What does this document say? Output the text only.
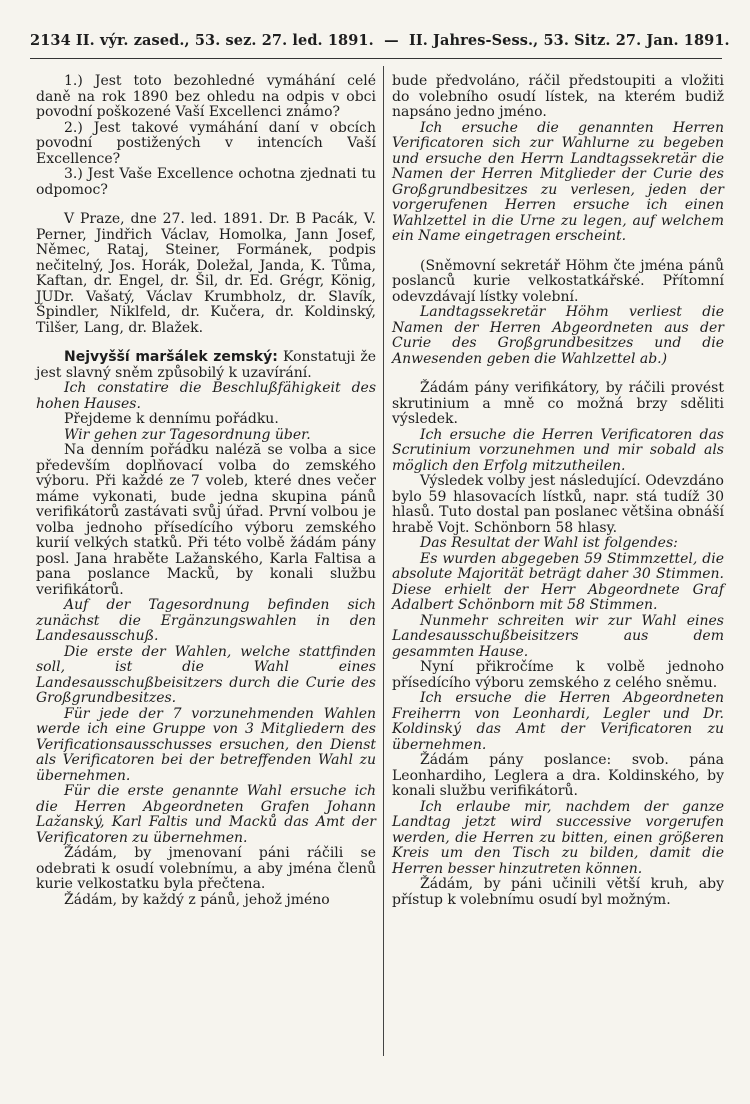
2134 II. výr. zased., 53. sez. 27. led. 1891. — II. Jahres-Sess., 53. Sitz. 27. Jan. 1891.

1.) Jest toto bezohledné vymáhání celé daně na rok 1890 bez ohledu na odpis v obci povodní poškozené Vaší Excellenci známo?

2.) Jest takové vymáhání daní v obcích povodní postižených v intencích Vaší Excellence?

3.) Jest Vaše Excellence ochotna zjednati tu odpomoc?

V Praze, dne 27. led. 1891. Dr. B Pacák, V. Perner, Jindřich Václav, Homolka, Jann Josef, Němec, Rataj, Steiner, Formánek, podpis nečitelný, Jos. Horák, Doležal, Janda, K. Tůma, Kaftan, dr. Engel, dr. Šil, dr. Ed. Grégr, König, JUDr. Vašatý, Václav Krumbholz, dr. Slavík, Špindler, Niklfeld, dr. Kučera, dr. Koldinský, Tilšer, Lang, dr. Blažek.

Nejvyšší maršálek zemský: Konstatuji že jest slavný sněm způsobilý k uzavírání.

Ich constatire die Beschlußfähigkeit des hohen Hauses.

Přejdeme k dennímu pořádku.

Wir gehen zur Tagesordnung über.

Na denním pořádku naléză se volba a sice především doplňovací volba do zemského výboru. Při každé ze 7 voleb, které dnes večer máme vykonati, bude jedna skupina pánů verifikátorů zastávati svůj úřad. První volbou je volba jednoho přísedícího výboru zemského kurií velkých statků. Při této volbě žádám pány posl. Jana hraběte Lažanského, Karla Faltisa a pana poslance Macků, by konali službu verifikátorů.

Auf der Tagesordnung befinden sich zunächst die Ergänzungswahlen in den Landesausschuß.

Die erste der Wahlen, welche stattfinden soll, ist die Wahl eines Landesausschußbeisitzers durch die Curie des Großgrundbesitzes.

Für jede der 7 vorzunehmenden Wahlen werde ich eine Gruppe von 3 Mitgliedern des Verificationsausschusses ersuchen, den Dienst als Verificatoren bei der betreffenden Wahl zu übernehmen.

Für die erste genannte Wahl ersuche ich die Herren Abgeordneten Grafen Johann Lažanský, Karl Faltis und Macků das Amt der Verificatoren zu übernehmen.

Žádám, by jmenovaní páni ráčili se odebrati k osudí volebnímu, a aby jména členů kurie velkostatku byla přečtena.

Žádám, by každý z pánů, jehož jméno

bude předvoláno, ráčil předstoupiti a vložiti do volebního osudí lístek, na kterém budiž napsáno jedno jméno.

Ich ersuche die genannten Herren Verificatoren sich zur Wahlurne zu begeben und ersuche den Herrn Landtagssekretär die Namen der Herren Mitglieder der Curie des Großgrundbesitzes zu verlesen, jeden der vorgerufenen Herren ersuche ich einen Wahlzettel in die Urne zu legen, auf welchem ein Name eingetragen erscheint.

(Sněmovní sekretář Höhm čte jména pánů poslanců kurie velkostatkářské. Přítomní odevzdávají lístky volební.

Landtagssekretär Höhm verliest die Namen der Herren Abgeordneten aus der Curie des Großgrundbesitzes und die Anwesenden geben die Wahlzettel ab.)

Žádám pány verifikátory, by ráčili provést skrutinium a mně co možná brzy sděliti výsledek.

Ich ersuche die Herren Verificatoren das Scrutinium vorzunehmen und mir sobald als möglich den Erfolg mitzutheilen.

Výsledek volby jest následující. Odevzdáno bylo 59 hlasovacích lístků, napr. stá tudíž 30 hlasů. Tuto dostal pan poslanec většina obnáší hrabě Vojt. Schönborn 58 hlasy.

Das Resultat der Wahl ist folgendes:

Es wurden abgegeben 59 Stimmzettel, die absolute Majorität beträgt daher 30 Stimmen. Diese erhielt der Herr Abgeordnete Graf Adalbert Schönborn mit 58 Stimmen.

Nunmehr schreiten wir zur Wahl eines Landesausschußbeisitzers aus dem gesammten Hause.

Nyní přikročíme k volbě jednoho přísedícího výboru zemského z celého sněmu.

Ich ersuche die Herren Abgeordneten Freiherrn von Leonhardi, Legler und Dr. Koldinský das Amt der Verificatoren zu übernehmen.

Žádám pány poslance: svob. pána Leonhardiho, Leglera a dra. Koldinského, by konali službu verifikátorů.

Ich erlaube mir, nachdem der ganze Landtag jetzt wird successive vorgerufen werden, die Herren zu bitten, einen größeren Kreis um den Tisch zu bilden, damit die Herren besser hinzutreten können.

Žádám, by páni učinili větší kruh, aby přístup k volebnímu osudí byl možným.
